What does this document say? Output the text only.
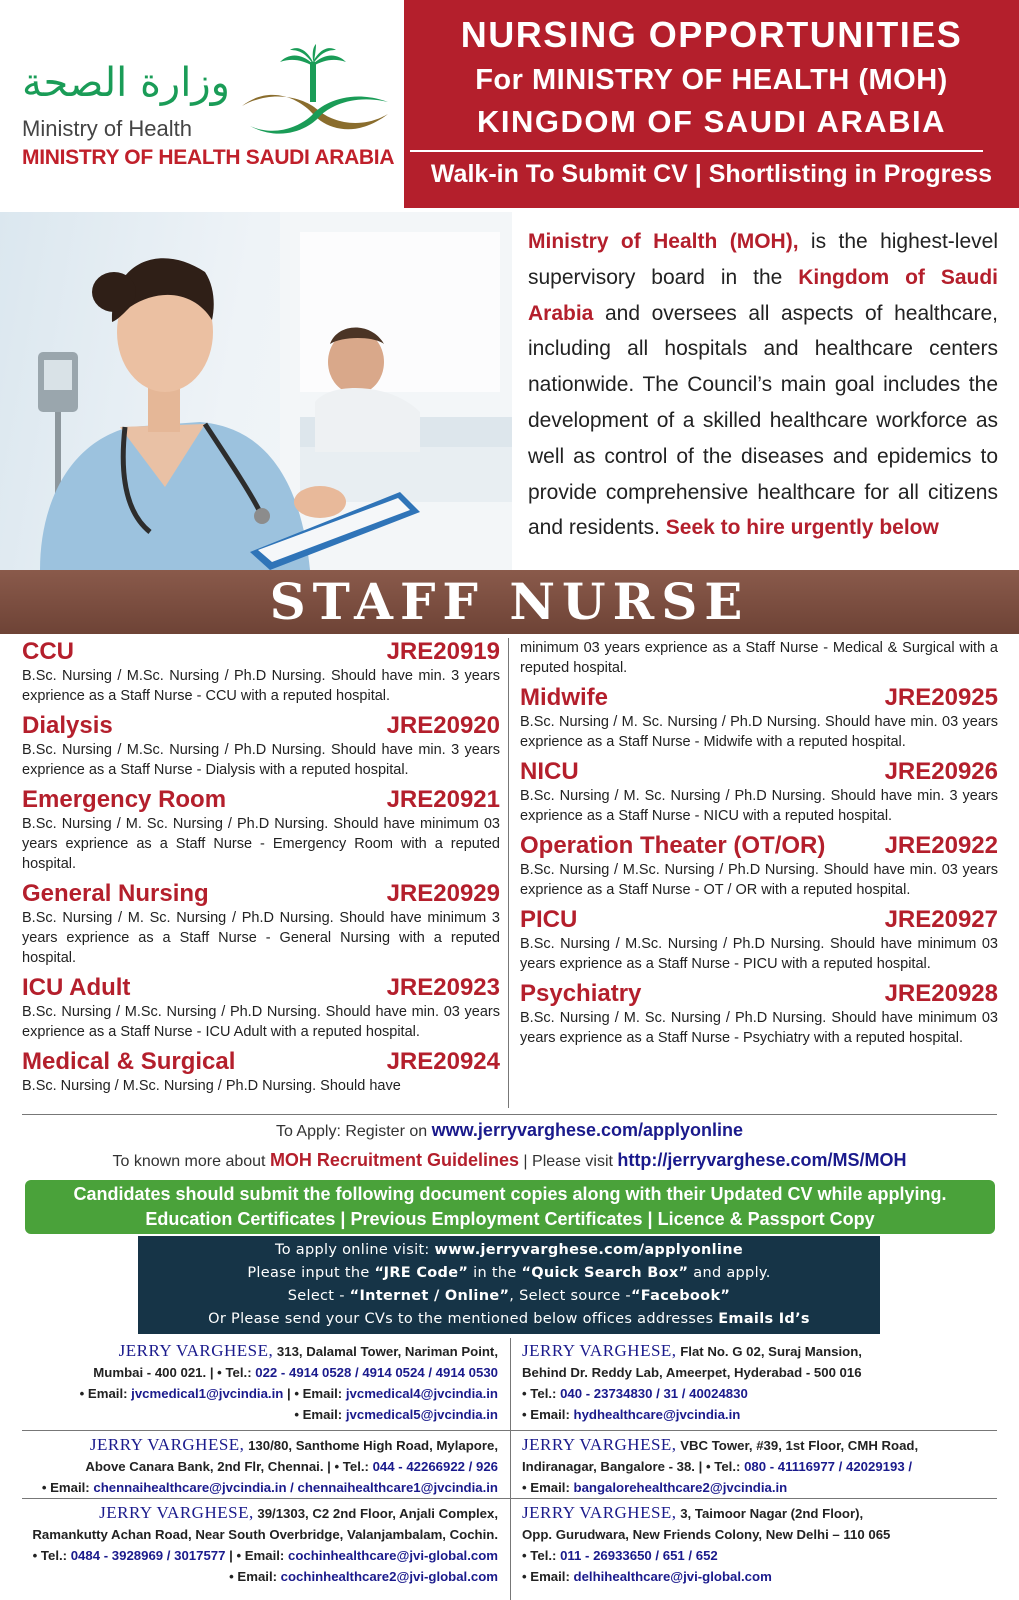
وزارة الصحة
Ministry of Health
MINISTRY OF HEALTH SAUDI ARABIA
NURSING OPPORTUNITIES
For MINISTRY OF HEALTH (MOH)
KINGDOM OF SAUDI ARABIA
Walk-in To Submit CV | Shortlisting in Progress
Ministry of Health (MOH), is the highest-level supervisory board in the Kingdom of Saudi Arabia and oversees all aspects of healthcare, including all hospitals and healthcare centers nationwide. The Council’s main goal includes the development of a skilled healthcare workforce as well as control of the diseases and epidemics to provide comprehensive healthcare for all citizens and residents. Seek to hire urgently below
STAFF NURSE
CCU	JRE20919
B.Sc. Nursing / M.Sc. Nursing / Ph.D Nursing. Should have min. 3 years exprience as a Staff Nurse - CCU with a reputed hospital.
Dialysis	JRE20920
B.Sc. Nursing / M.Sc. Nursing / Ph.D Nursing. Should have min. 3 years exprience as a Staff Nurse - Dialysis with a reputed hospital.
Emergency Room	JRE20921
B.Sc. Nursing / M. Sc. Nursing / Ph.D Nursing. Should have minimum 03 years exprience as a Staff Nurse - Emergency Room with a reputed hospital.
General Nursing	JRE20929
B.Sc. Nursing / M. Sc. Nursing / Ph.D Nursing. Should have minimum 3 years exprience as a Staff Nurse - General Nursing with a reputed hospital.
ICU Adult	JRE20923
B.Sc. Nursing / M.Sc. Nursing / Ph.D Nursing. Should have min. 03 years exprience as a Staff Nurse - ICU Adult with a reputed hospital.
Medical & Surgical	JRE20924
B.Sc. Nursing / M.Sc. Nursing / Ph.D Nursing. Should have
minimum 03 years exprience as a Staff Nurse - Medical & Surgical with a reputed hospital.
Midwife	JRE20925
B.Sc. Nursing / M. Sc. Nursing / Ph.D Nursing. Should have min. 03 years exprience as a Staff Nurse - Midwife with a reputed hospital.
NICU	JRE20926
B.Sc. Nursing / M. Sc. Nursing / Ph.D Nursing. Should have min. 3 years exprience as a Staff Nurse - NICU with a reputed hospital.
Operation Theater (OT/OR) JRE20922
B.Sc. Nursing / M.Sc. Nursing / Ph.D Nursing. Should have min. 03 years exprience as a Staff Nurse - OT / OR with a reputed hospital.
PICU	JRE20927
B.Sc. Nursing / M.Sc. Nursing / Ph.D Nursing. Should have minimum 03 years exprience as a Staff Nurse - PICU with a reputed hospital.
Psychiatry	JRE20928
B.Sc. Nursing / M. Sc. Nursing / Ph.D Nursing. Should have minimum 03 years exprience as a Staff Nurse - Psychiatry with a reputed hospital.
To Apply: Register on www.jerryvarghese.com/applyonline
To known more about MOH Recruitment Guidelines | Please visit http://jerryvarghese.com/MS/MOH
Candidates should submit the following document copies along with their Updated CV while applying.
Education Certificates | Previous Employment Certificates | Licence & Passport Copy
To apply online visit: www.jerryvarghese.com/applyonline
Please input the “JRE Code” in the “Quick Search Box” and apply.
Select - “Internet / Online”, Select source -“Facebook”
Or Please send your CVs to the mentioned below offices addresses Emails Id’s
JERRY VARGHESE, 313, Dalamal Tower, Nariman Point,
Mumbai - 400 021. | • Tel.: 022 - 4914 0528 / 4914 0524 / 4914 0530
• Email: jvcmedical1@jvcindia.in | • Email: jvcmedical4@jvcindia.in
• Email: jvcmedical5@jvcindia.in
JERRY VARGHESE, Flat No. G 02, Suraj Mansion,
Behind Dr. Reddy Lab, Ameerpet, Hyderabad - 500 016
• Tel.: 040 - 23734830 / 31 / 40024830
• Email: hydhealthcare@jvcindia.in
JERRY VARGHESE, 130/80, Santhome High Road, Mylapore,
Above Canara Bank, 2nd Flr, Chennai. | • Tel.: 044 - 42266922 / 926
• Email: chennaihealthcare@jvcindia.in / chennaihealthcare1@jvcindia.in
JERRY VARGHESE, VBC Tower, #39, 1st Floor, CMH Road,
Indiranagar, Bangalore - 38. | • Tel.: 080 - 41116977 / 42029193 /
• Email: bangalorehealthcare2@jvcindia.in
JERRY VARGHESE, 39/1303, C2 2nd Floor, Anjali Complex,
Ramankutty Achan Road, Near South Overbridge, Valanjambalam, Cochin.
• Tel.: 0484 - 3928969 / 3017577 | • Email: cochinhealthcare@jvi-global.com
• Email: cochinhealthcare2@jvi-global.com
JERRY VARGHESE, 3, Taimoor Nagar (2nd Floor),
Opp. Gurudwara, New Friends Colony, New Delhi – 110 065
• Tel.: 011 - 26933650 / 651 / 652
• Email: delhihealthcare@jvi-global.com
